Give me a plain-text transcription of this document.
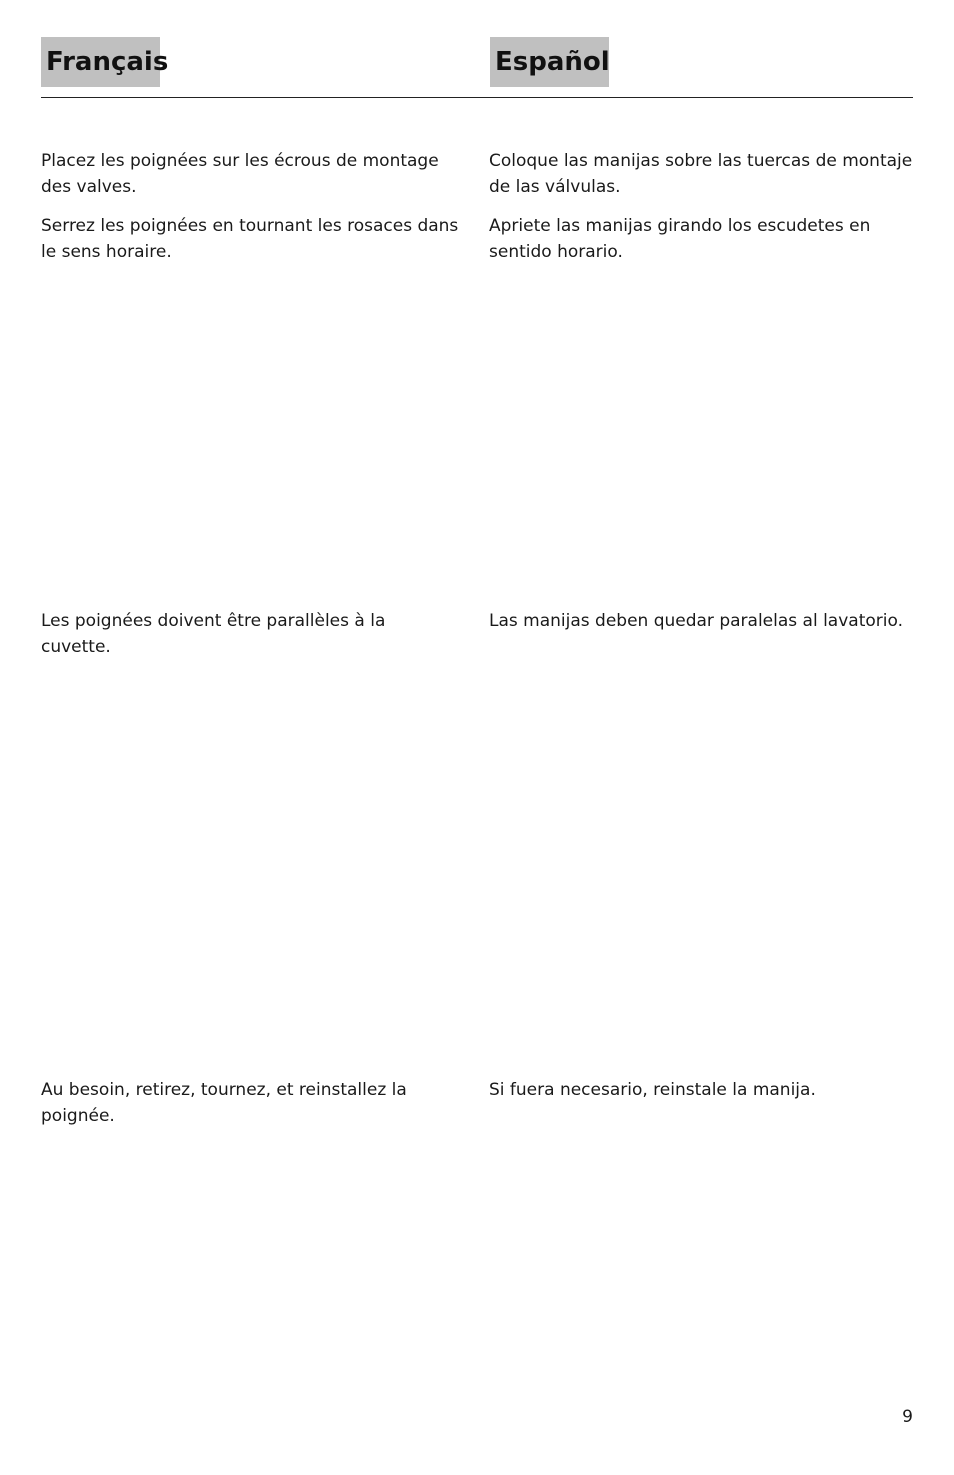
Français	Español

Placez les poignées sur les écrous de montage des valves.

Serrez les poignées en tournant les rosaces dans le sens horaire.

Les poignées doivent être parallèles à la cuvette.

Au besoin, retirez, tournez, et reinstallez la poignée.

Coloque las manijas sobre las tuercas de montaje de las válvulas.

Apriete las manijas girando los escudetes en sentido horario.

Las manijas deben quedar paralelas al lavatorio.

Si fuera necesario, reinstale la manija.

9
